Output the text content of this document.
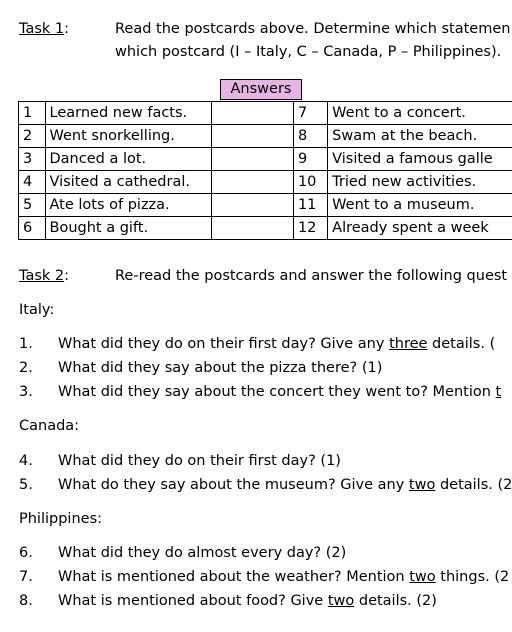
Task 1:	Read the postcards above. Determine which statemen
which postcard (I – Italy, C – Canada, P – Philippines).
Answers
1	Learned new facts.		7	Went to a concert.
2	Went snorkelling.		8	Swam at the beach.
3	Danced a lot.		9	Visited a famous galle
4	Visited a cathedral.		10	Tried new activities.
5	Ate lots of pizza.		11	Went to a museum.
6	Bought a gift.		12	Already spent a week
Task 2:	Re-read the postcards and answer the following quest
Italy:
1. What did they do on their first day? Give any three details. (
2. What did they say about the pizza there? (1)
3. What did they say about the concert they went to? Mention t
Canada:
4. What did they do on their first day? (1)
5. What do they say about the museum? Give any two details. (2
Philippines:
6. What did they do almost every day? (2)
7. What is mentioned about the weather? Mention two things. (2
8. What is mentioned about food? Give two details. (2)
